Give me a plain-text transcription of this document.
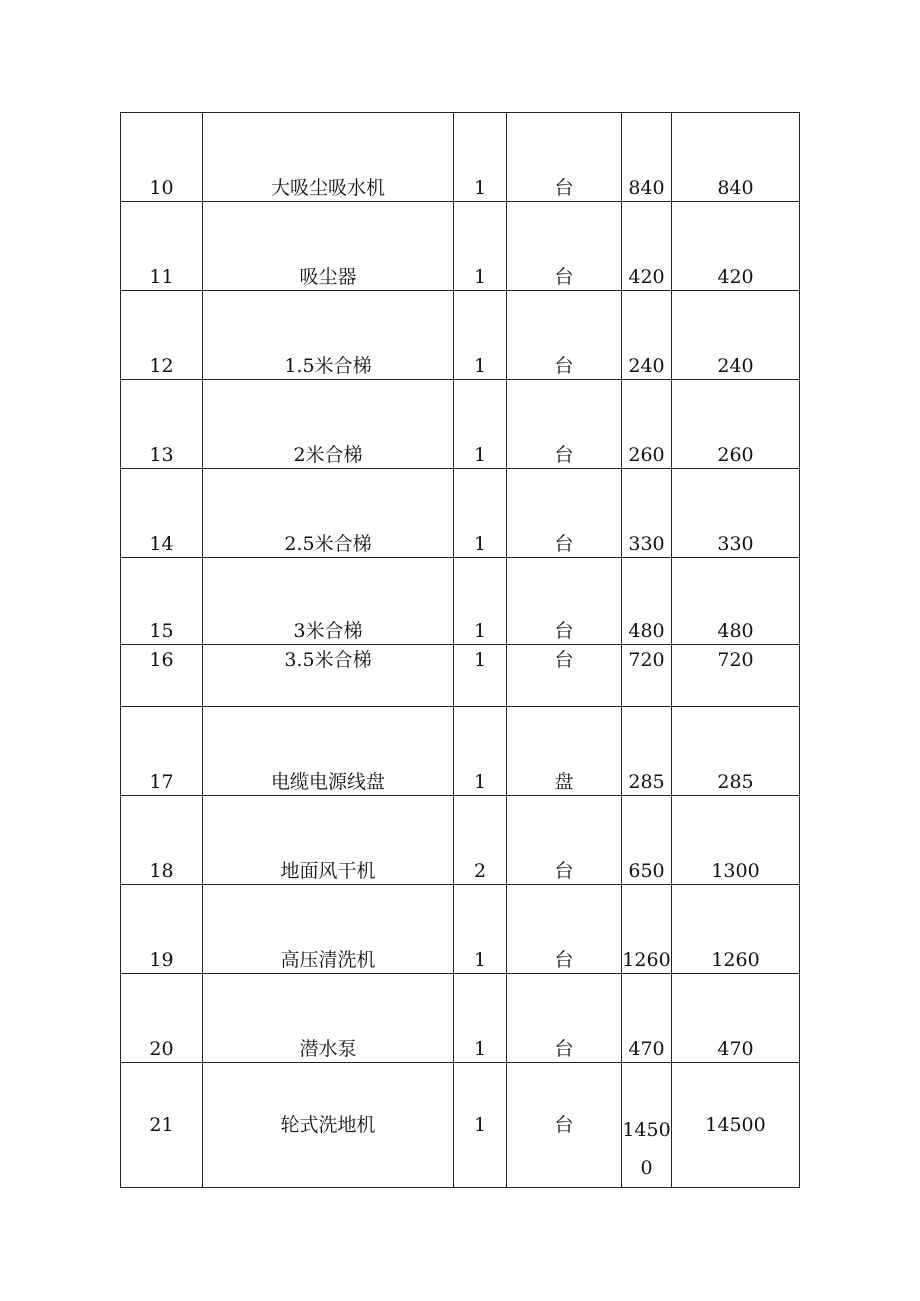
10	大吸尘吸水机	1	台	840	840
11	吸尘器	1	台	420	420
12	1.5米合梯	1	台	240	240
13	2米合梯	1	台	260	260
14	2.5米合梯	1	台	330	330
15	3米合梯	1	台	480	480
16	3.5米合梯	1	台	720	720
17	电缆电源线盘	1	盘	285	285
18	地面风干机	2	台	650	1300
19	高压清洗机	1	台	1260	1260
20	潜水泵	1	台	470	470
21	轮式洗地机	1	台	14500	14500
